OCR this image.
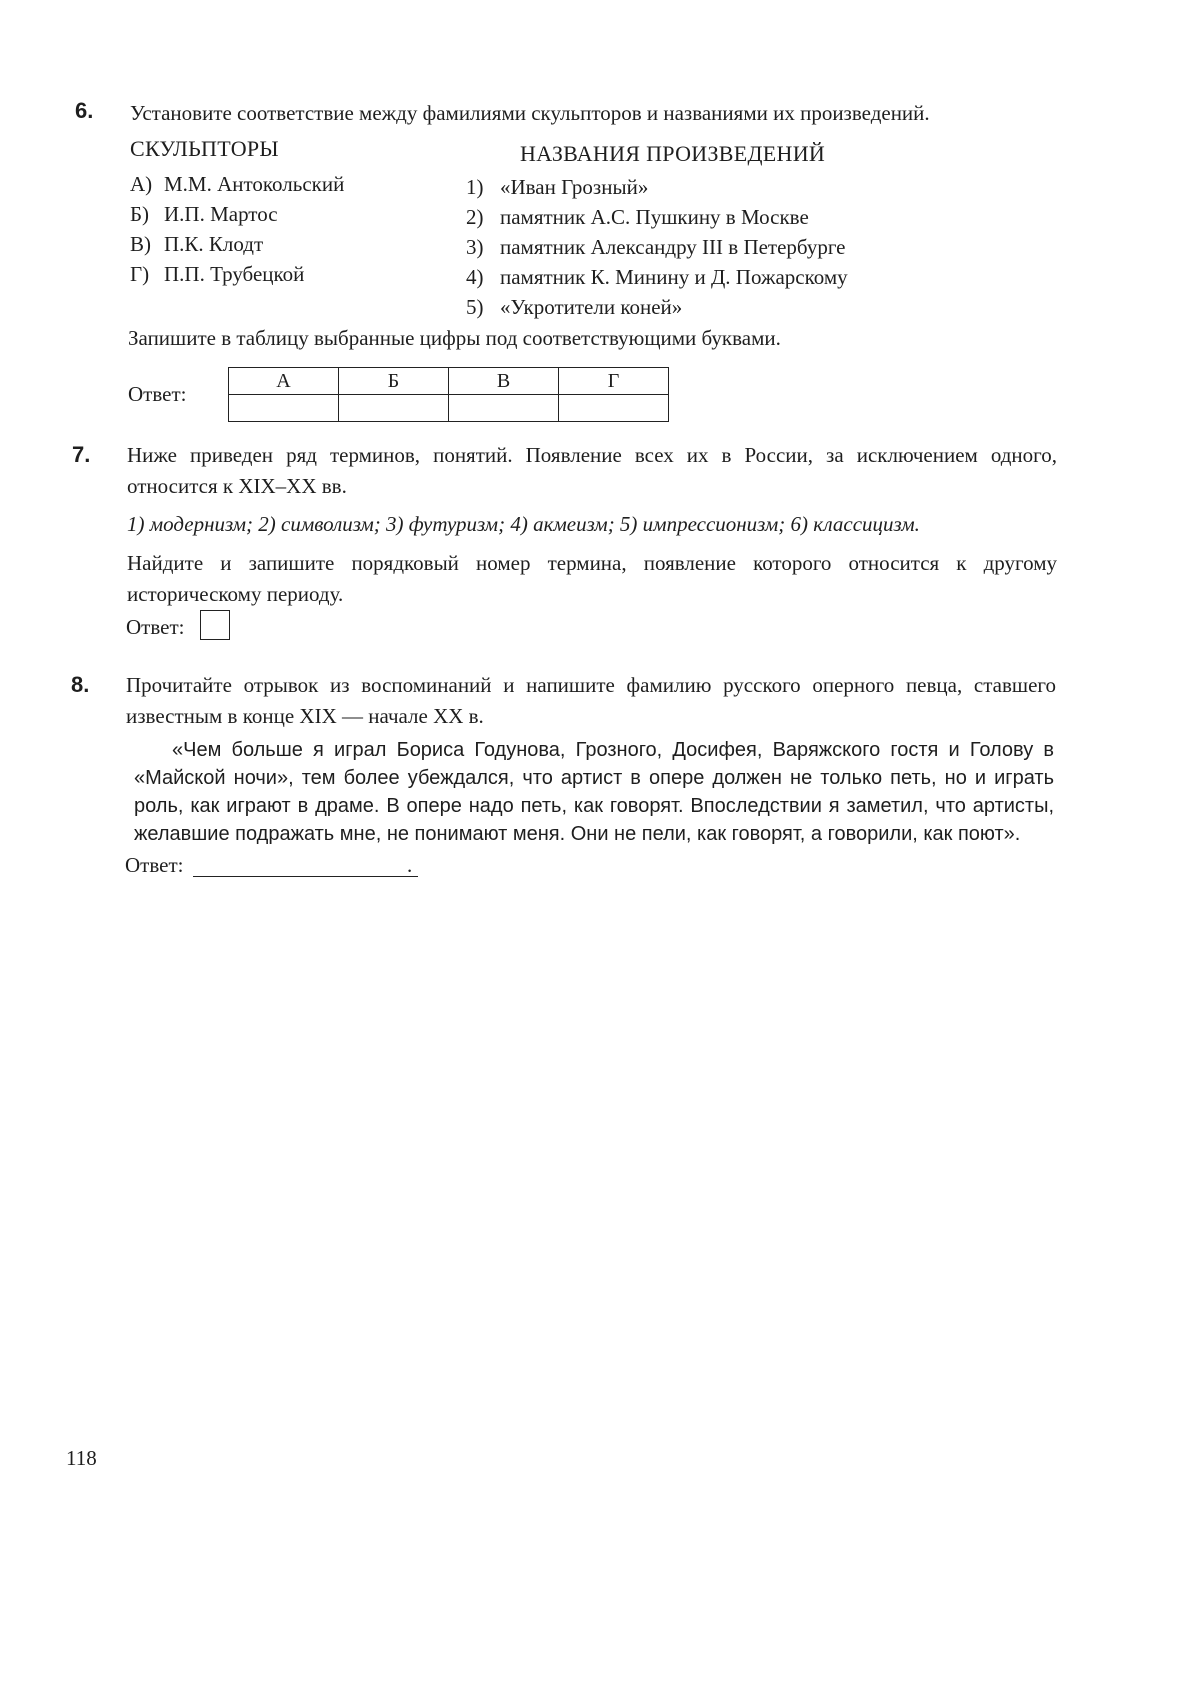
6. Установите соответствие между фамилиями скульпторов и названиями их произведений.
СКУЛЬПТОРЫ	НАЗВАНИЯ ПРОИЗВЕДЕНИЙ
А) М.М. Антокольский
Б) И.П. Мартос
В) П.К. Клодт
Г) П.П. Трубецкой
1) «Иван Грозный»
2) памятник А.С. Пушкину в Москве
3) памятник Александру III в Петербурге
4) памятник К. Минину и Д. Пожарскому
5) «Укротители коней»
Запишите в таблицу выбранные цифры под соответствующими буквами.
Ответ:
А	Б	В	Г

7. Ниже приведен ряд терминов, понятий. Появление всех их в России, за исключением одного, относится к XIX–XX вв.
1) модернизм; 2) символизм; 3) футуризм; 4) акмеизм; 5) импрессионизм; 6) классицизм.
Найдите и запишите порядковый номер термина, появление которого относится к другому историческому периоду.
Ответ:
8. Прочитайте отрывок из воспоминаний и напишите фамилию русского оперного певца, ставшего известным в конце XIX — начале XX в.
«Чем больше я играл Бориса Годунова, Грозного, Досифея, Варяжского гостя и Голову в «Майской ночи», тем более убеждался, что артист в опере должен не только петь, но и играть роль, как играют в драме. В опере надо петь, как говорят. Впоследствии я заметил, что артисты, желавшие подражать мне, не понимают меня. Они не пели, как говорят, а говорили, как поют».
Ответ:	.
118
